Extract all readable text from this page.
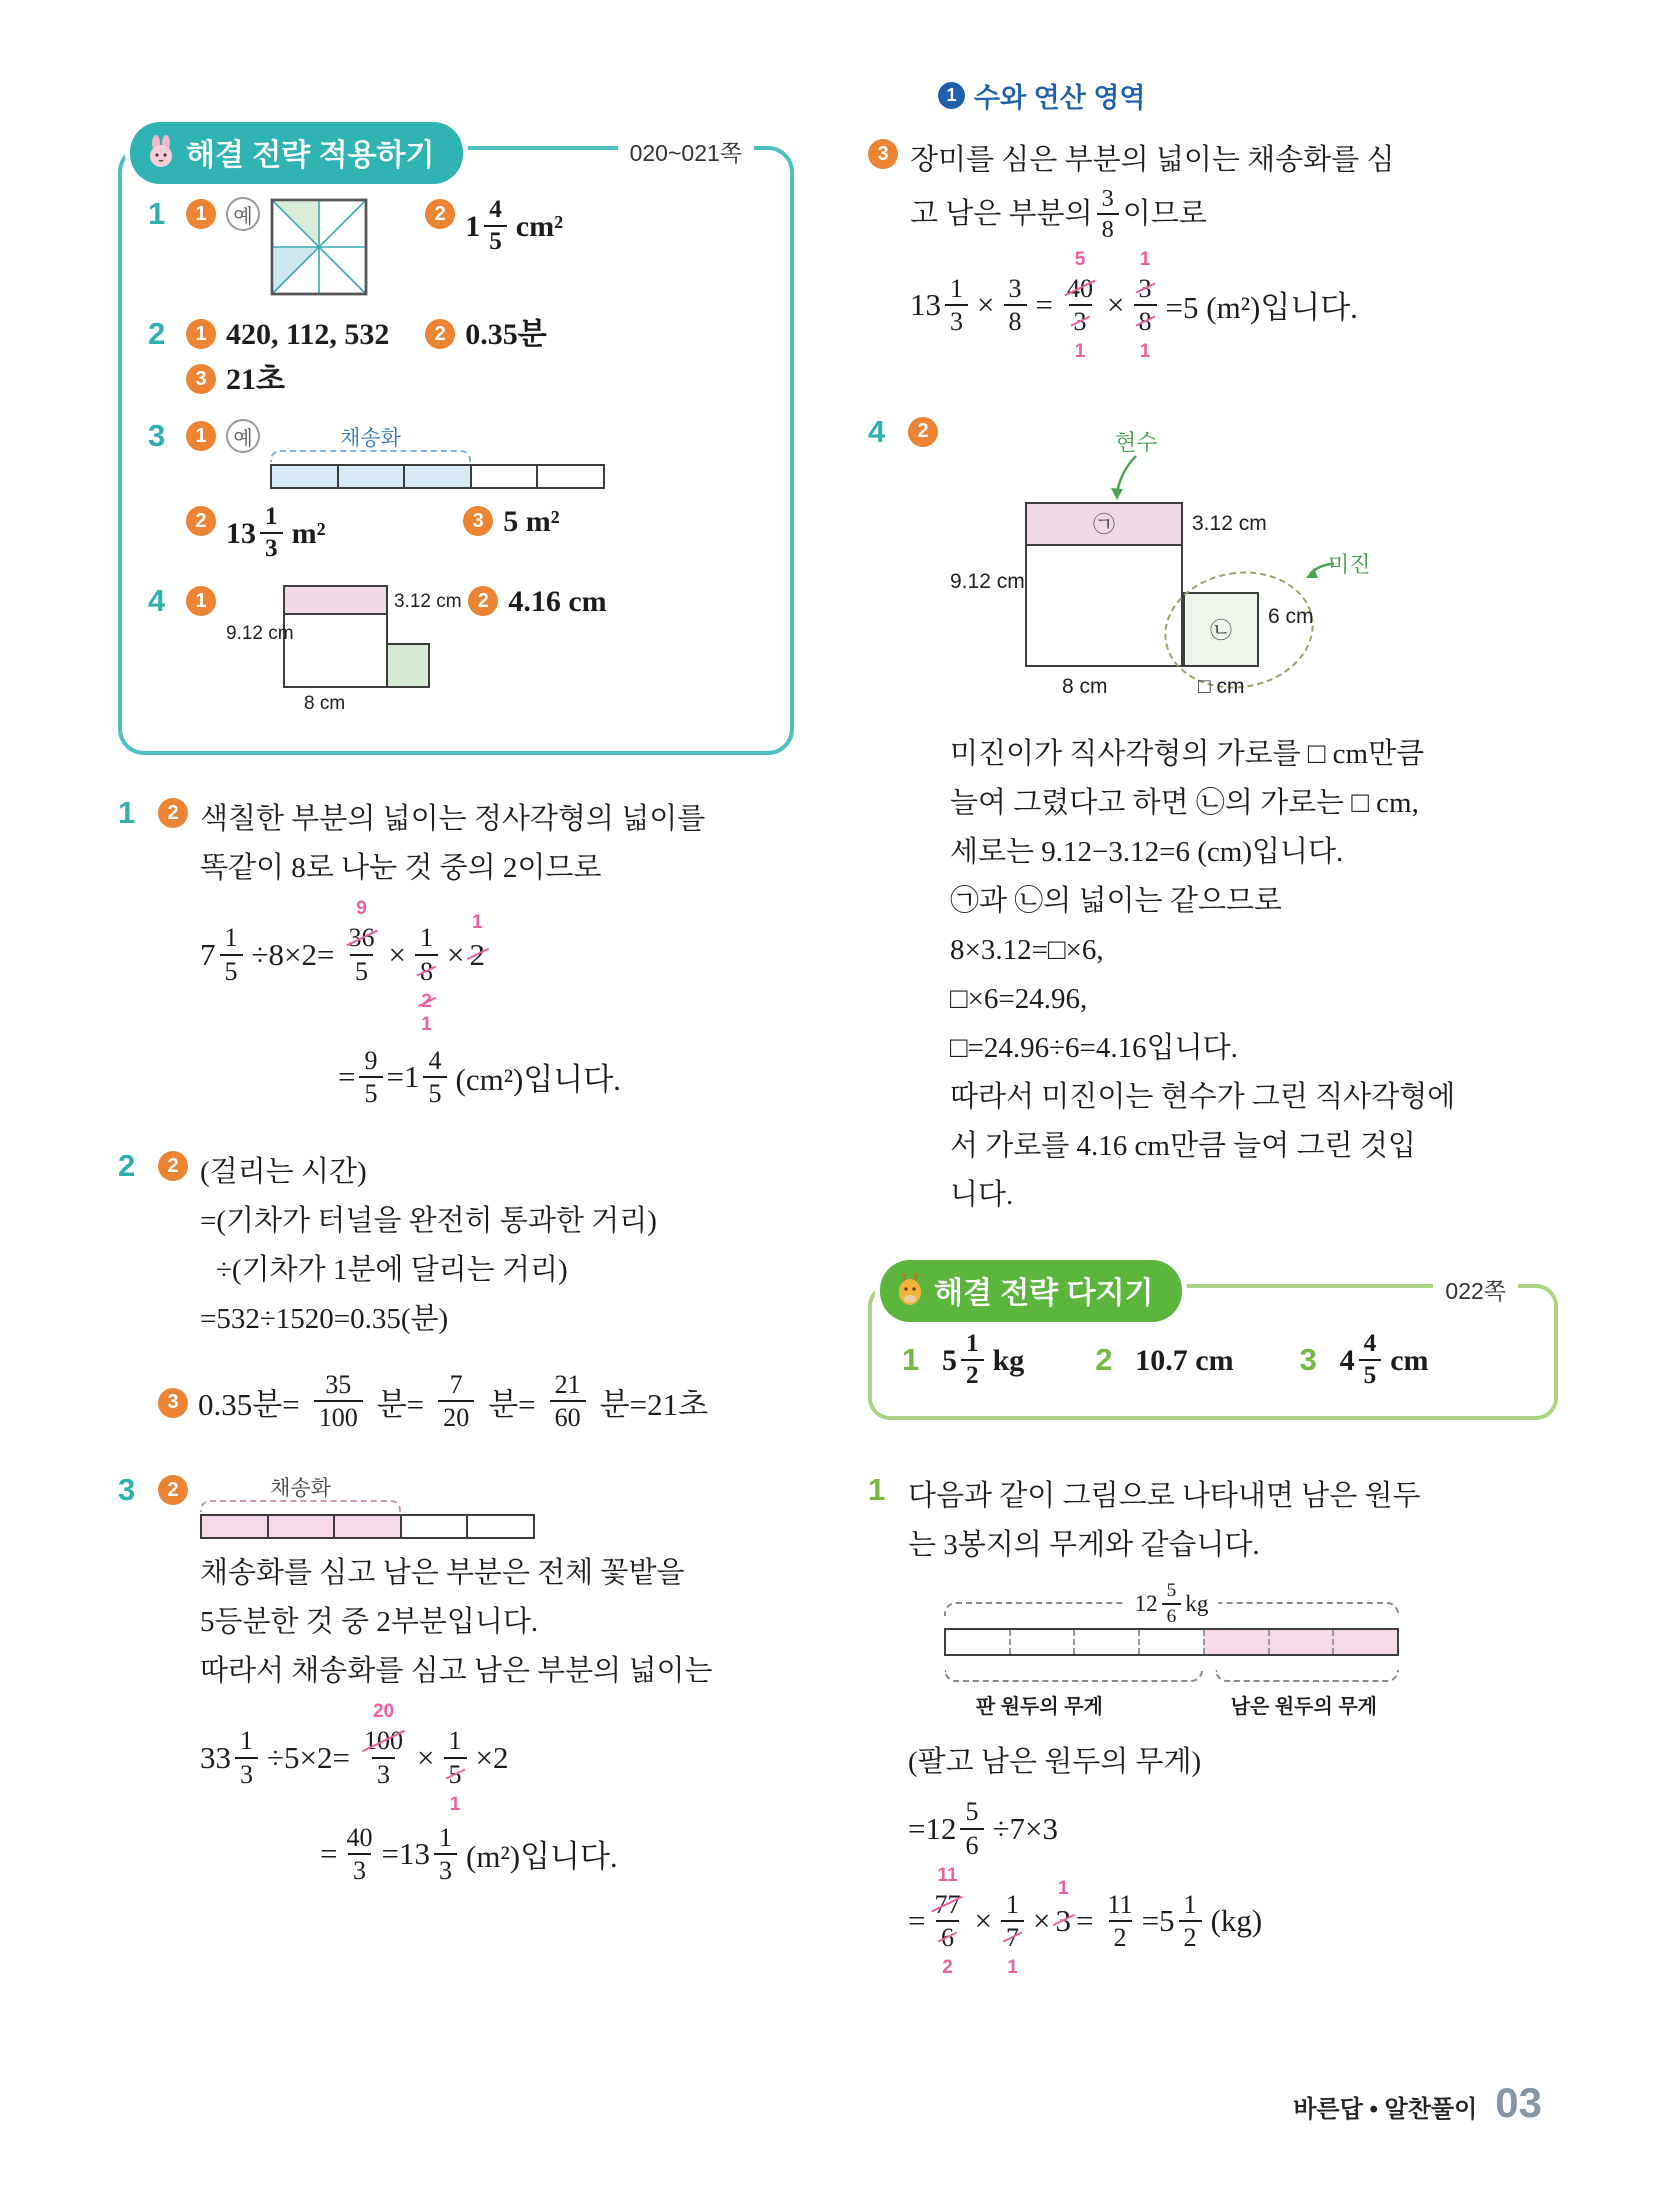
1 수와 연산 영역
해결 전략 적용하기	020~021쪽
1	1	예	2 $1 \frac{4}{5} cm^2$
2	1 420, 112, 532	2 0.35분
3 21초
3	1	예	채송화
2 $13 \frac{1}{3} m^2$	3 5 m²
4	1	3.12 cm
9.12 cm
8 cm
2 4.16 cm
1	2 색칠한 부분의 넓이는 정사각형의 넓이를
똑같이 8로 나눈 것 중의 2이므로
$7 \frac{1}{5} \div 8\times 2= 36$
9
5 × 1
8
2
1 × 2
1
= $\frac{9}{5} =1 \frac{4}{5} (cm^2)$입니다.
2	2 (걸리는 시간)
=(기차가 터널을 완전히 통과한 거리)
÷(기차가 1분에 달리는 거리)
=532÷1520=0.35(분)
3 0.35분= $\frac{35}{100}$ 분= $\frac{7}{20}$ 분= $\frac{21}{60}$ 분=21초
3	2	채송화
채송화를 심고 남은 부분은 전체 꽃밭을
5등분한 것 중 2부분입니다.
따라서 채송화를 심고 남은 부분의 넓이는
$33 \frac{1}{3} \div 5\times 2= 100$
20
3 × 1
5
1 ×2
= $\frac{40}{3} =13 \frac{1}{3} (m^2)$입니다.
3 장미를 심은 부분의 넓이는 채송화를 심
고 남은 부분의 $\frac{3}{8}$ 이므로
$13 \frac{1}{3} \times \frac{3}{8} = 40$
5
3
1 × 3
1
8
1 =5 (m²)입니다.
4	2	현수
㉠
㉡
미진
3.12 cm
9.12 cm
6 cm
8 cm	□ cm
미진이가 직사각형의 가로를 □ cm만큼
늘여 그렸다고 하면 ㉡의 가로는 □ cm,
세로는 9.12−3.12=6 (cm)입니다.
㉠과 ㉡의 넓이는 같으므로
8×3.12=□×6,
□×6=24.96,
□=24.96÷6=4.16입니다.
따라서 미진이는 현수가 그린 직사각형에
서 가로를 4.16 cm만큼 늘여 그린 것입
니다.
해결 전략 다지기	022쪽
1 $5 \frac{1}{2}$ kg 2 10.7 cm 3 $4 \frac{4}{5}$ cm
1 다음과 같이 그림으로 나타내면 남은 원두
는 3봉지의 무게와 같습니다.
$12 \frac{5}{6}$ kg
판 원두의 무게	남은 원두의 무게
(팔고 남은 원두의 무게)
$=12 \frac{5}{6} \div 7\times 3$
= 77
11
6
2 × 1
7
1 × 3
1
= $\frac{11}{2} =5 \frac{1}{2} (kg)$
바른답 • 알찬풀이 03
